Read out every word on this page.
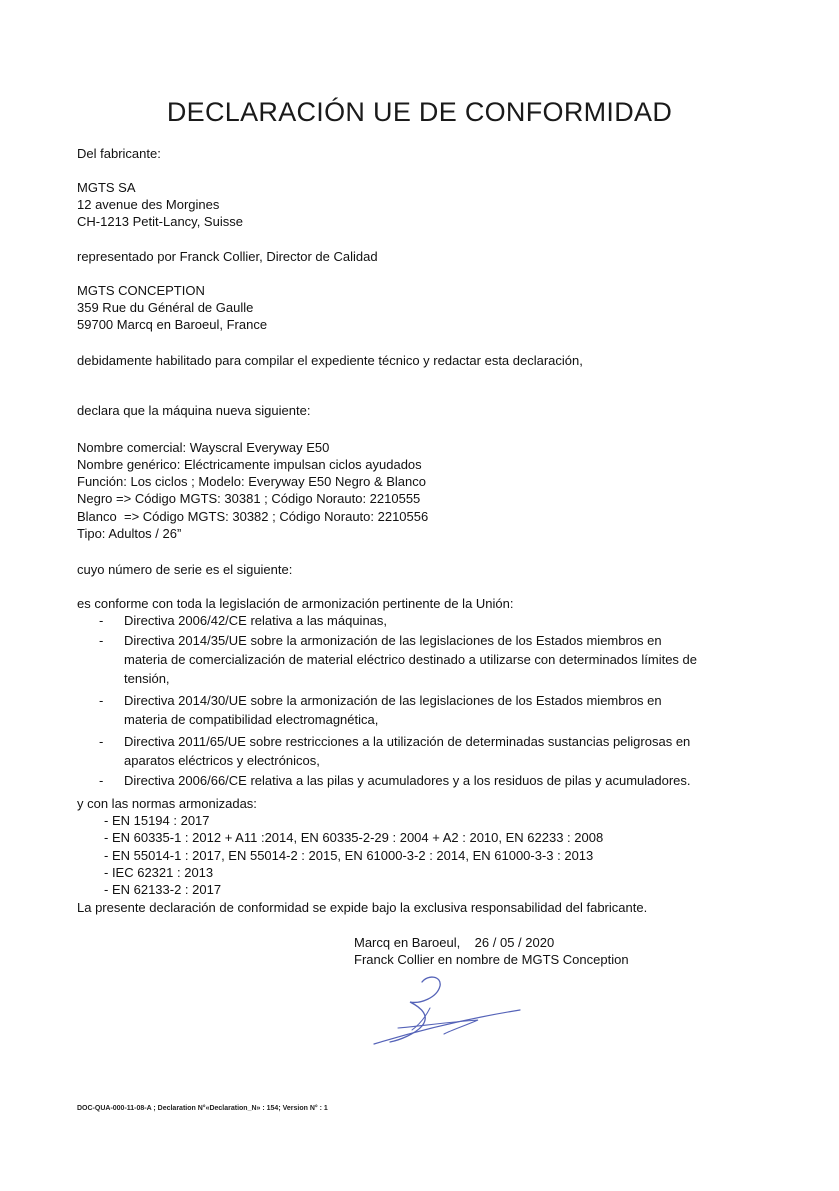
DECLARACIÓN UE DE CONFORMIDAD
Del fabricante:
MGTS SA
12 avenue des Morgines
CH-1213 Petit-Lancy, Suisse
representado por Franck Collier, Director de Calidad
MGTS CONCEPTION
359 Rue du Général de Gaulle
59700 Marcq en Baroeul, France
debidamente habilitado para compilar el expediente técnico y redactar esta declaración,
declara que la máquina nueva siguiente:
Nombre comercial: Wayscral Everyway E50
Nombre genérico: Eléctricamente impulsan ciclos ayudados
Función: Los ciclos ; Modelo: Everyway E50 Negro & Blanco
Negro => Código MGTS: 30381 ; Código Norauto: 2210555
Blanco  => Código MGTS: 30382 ; Código Norauto: 2210556
Tipo: Adultos / 26”
cuyo número de serie es el siguiente:
es conforme con toda la legislación de armonización pertinente de la Unión:
- Directiva 2006/42/CE relativa a las máquinas,
- Directiva 2014/35/UE sobre la armonización de las legislaciones de los Estados miembros en
materia de comercialización de material eléctrico destinado a utilizarse con determinados límites de
tensión,
- Directiva 2014/30/UE sobre la armonización de las legislaciones de los Estados miembros en
materia de compatibilidad electromagnética,
- Directiva 2011/65/UE sobre restricciones a la utilización de determinadas sustancias peligrosas en
aparatos eléctricos y electrónicos,
- Directiva 2006/66/CE relativa a las pilas y acumuladores y a los residuos de pilas y acumuladores.
y con las normas armonizadas:
- EN 15194 : 2017
- EN 60335-1 : 2012 + A11 :2014, EN 60335-2-29 : 2004 + A2 : 2010, EN 62233 : 2008
- EN 55014-1 : 2017, EN 55014-2 : 2015, EN 61000-3-2 : 2014, EN 61000-3-3 : 2013
- IEC 62321 : 2013
- EN 62133-2 : 2017
La presente declaración de conformidad se expide bajo la exclusiva responsabilidad del fabricante.
Marcq en Baroeul,    26 / 05 / 2020
Franck Collier en nombre de MGTS Conception
DOC-QUA-000-11-08-A ; Declaration N°«Declaration_N» : 154; Version N° : 1
